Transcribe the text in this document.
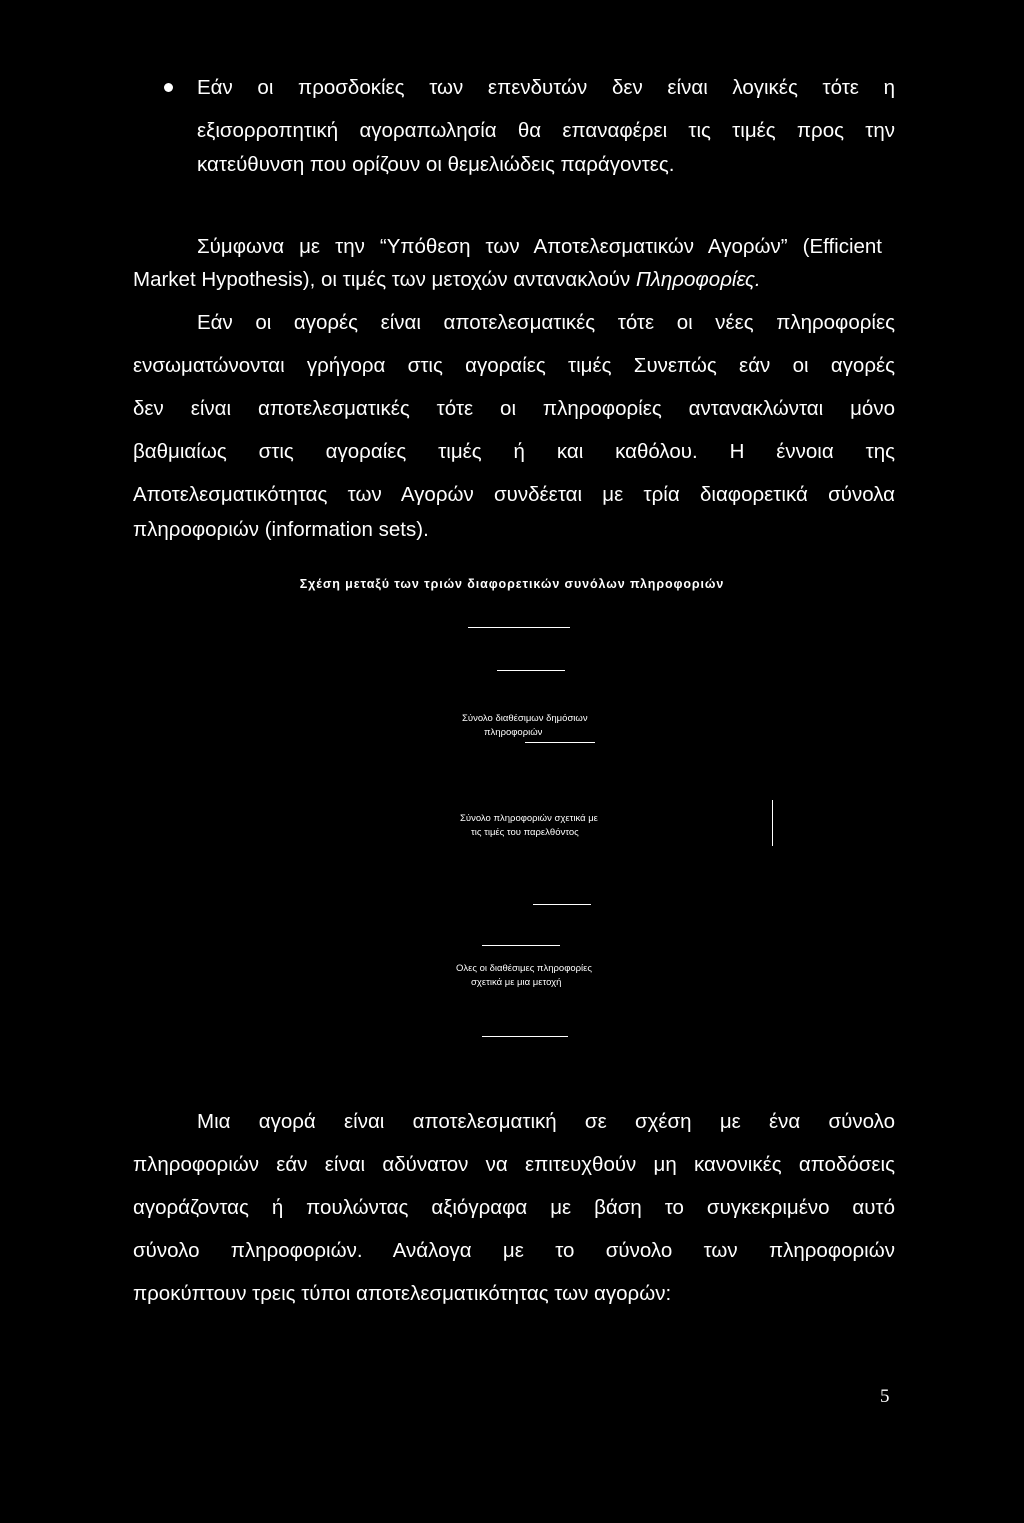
Εάν οι προσδοκίες των επενδυτών δεν είναι λογικές τότε η
εξισορροπητική αγοραπωλησία θα επαναφέρει τις τιμές προς την
κατεύθυνση που ορίζουν οι θεμελιώδεις παράγοντες.
Σύμφωνα με την “Υπόθεση των Αποτελεσματικών Αγορών” (Efficient
Market Hypothesis), οι τιμές των μετοχών αντανακλούν Πληροφορίες.
Εάν οι αγορές είναι αποτελεσματικές τότε οι νέες πληροφορίες
ενσωματώνονται γρήγορα στις αγοραίες τιμές Συνεπώς εάν οι αγορές
δεν είναι αποτελεσματικές τότε οι πληροφορίες αντανακλώνται μόνο
βαθμιαίως στις αγοραίες τιμές ή και καθόλου. Η έννοια της
Αποτελεσματικότητας των Αγορών συνδέεται με τρία διαφορετικά σύνολα
πληροφοριών (information sets).
Σχέση μεταξύ των τριών διαφορετικών συνόλων πληροφοριών
Σύνολο διαθέσιμων δημόσιων
πληροφοριών
Σύνολο πληροφοριών σχετικά με
τις τιμές του παρελθόντος
Ολες οι διαθέσιμες πληροφορίες
σχετικά με μια μετοχή
Μια αγορά είναι αποτελεσματική σε σχέση με ένα σύνολο
πληροφοριών εάν είναι αδύνατον να επιτευχθούν μη κανονικές αποδόσεις
αγοράζοντας ή πουλώντας αξιόγραφα με βάση το συγκεκριμένο αυτό
σύνολο πληροφοριών. Ανάλογα με το σύνολο των πληροφοριών
προκύπτουν τρεις τύποι αποτελεσματικότητας των αγορών:
5
